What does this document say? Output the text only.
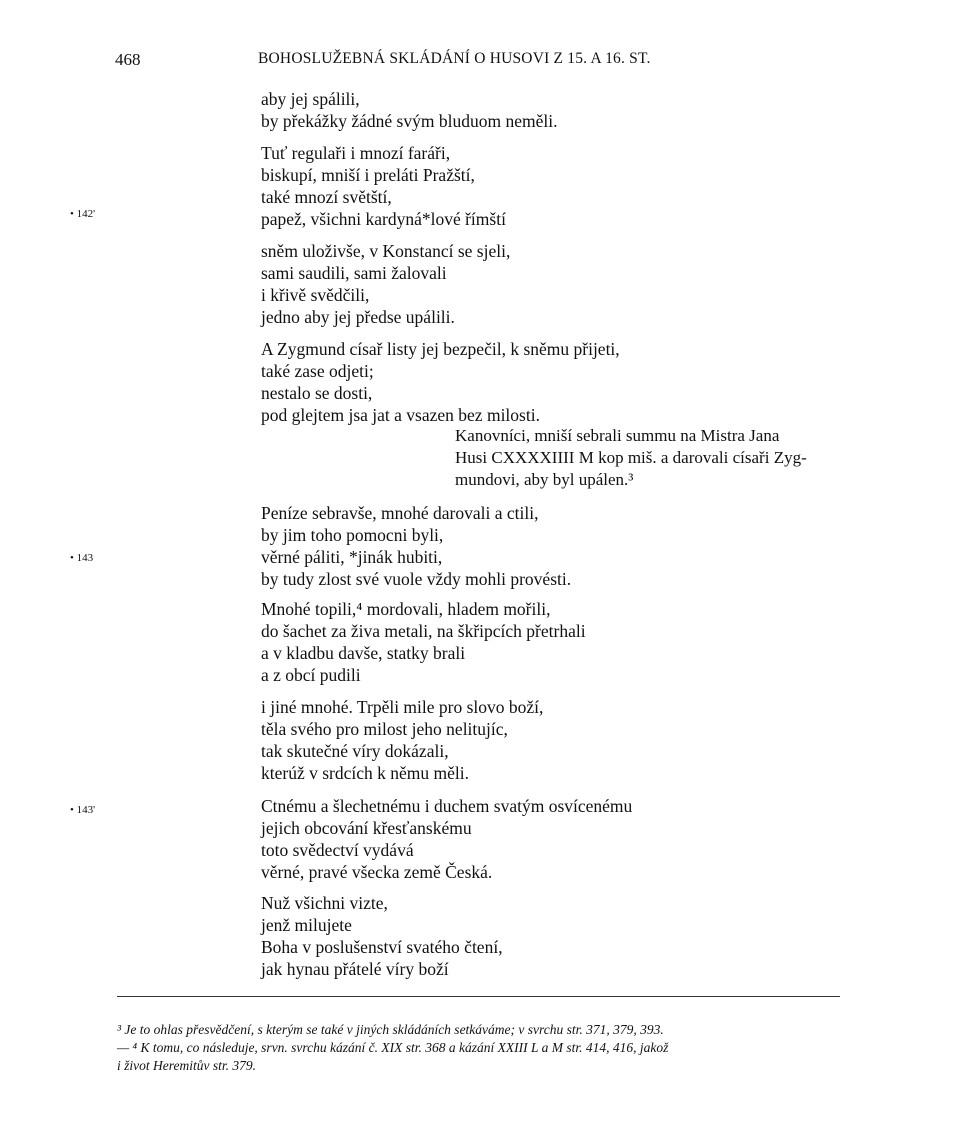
468	BOHOSLUŽEBNÁ SKLÁDÁNÍ O HUSOVI Z 15. A 16. ST.
• 142'
• 143
• 143'
aby jej spálili,
by překážky žádné svým bluduom neměli.
Tuť regulaři i mnozí faráři,
biskupí, mniší i preláti Pražští,
také mnozí světští,
papež, všichni kardyná*lové římští
sněm uloživše, v Konstancí se sjeli,
sami saudili, sami žalovali
i křivě svědčili,
jedno aby jej předse upálili.
A Zygmund císař listy jej bezpečil, k sněmu přijeti,
také zase odjeti;
nestalo se dosti,
pod glejtem jsa jat a vsazen bez milosti.
Kanovníci, mniší sebrali summu na Mistra Jana
Husi CXXXXIIII M kop miš. a darovali císaři Zyg-
mundovi, aby byl upálen.³
Peníze sebravše, mnohé darovali a ctili,
by jim toho pomocni byli,
věrné páliti, *jinák hubiti,
by tudy zlost své vuole vždy mohli provésti.
Mnohé topili,⁴ mordovali, hladem mořili,
do šachet za živa metali, na škřipcích přetrhali
a v kladbu davše, statky brali
a z obcí pudili
i jiné mnohé. Trpěli mile pro slovo boží,
těla svého pro milost jeho nelitujíc,
tak skutečné víry dokázali,
kterúž v srdcích k němu měli.
Ctnému a šlechetnému i duchem svatým osvícenému
jejich obcování křesťanskému
toto svědectví vydává
věrné, pravé všecka země Česká.
Nuž všichni vizte,
jenž milujete
Boha v poslušenství svatého čtení,
jak hynau přátelé víry boží
³ Je to ohlas přesvědčení, s kterým se také v jiných skládáních setkáváme; v svrchu str. 371, 379, 393.
— ⁴ K tomu, co následuje, srvn. svrchu kázání č. XIX str. 368 a kázání XXIII L a M str. 414, 416, jakož
i život Heremitův str. 379.
